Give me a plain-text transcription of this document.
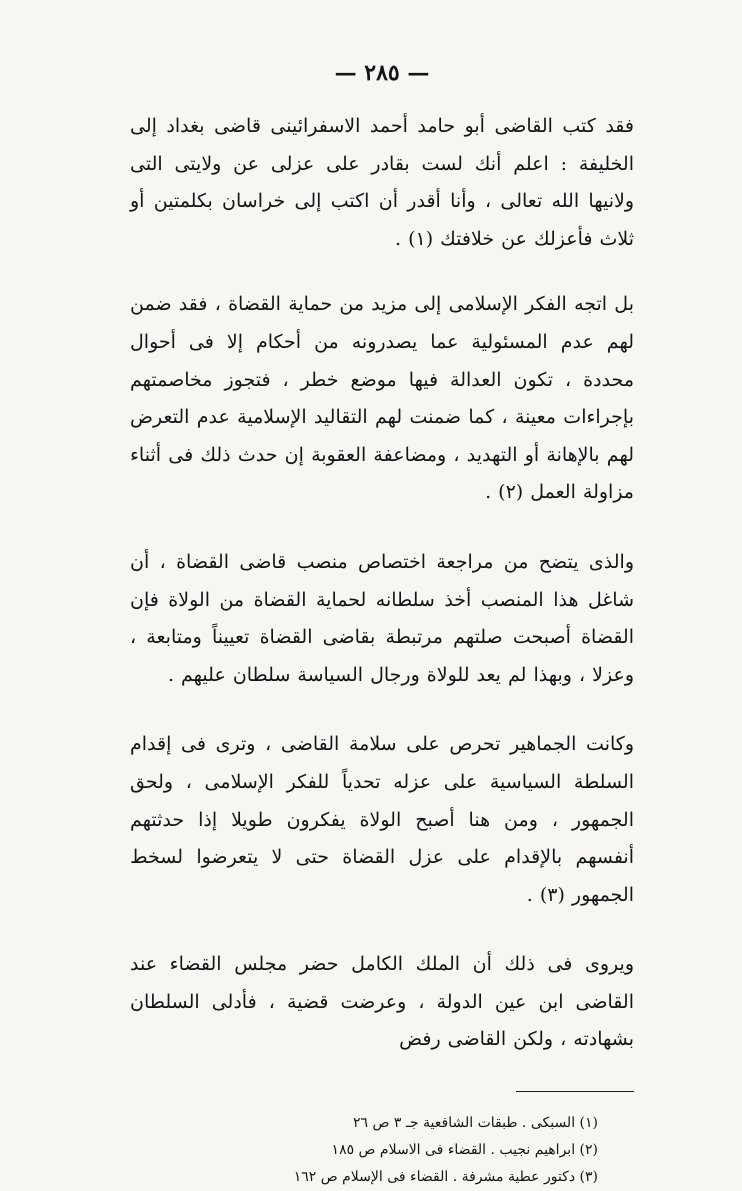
— ٢٨٥ —

فقد كتب القاضى أبو حامد أحمد الاسفرائينى قاضى بغداد إلى الخليفة : اعلم أنك لست بقادر على عزلى عن ولايتى التى ولانيها الله تعالى ، وأنا أقدر أن اكتب إلى خراسان بكلمتين أو ثلاث فأعزلك عن خلافتك (١) .

بل اتجه الفكر الإسلامى إلى مزيد من حماية القضاة ، فقد ضمن لهم عدم المسئولية عما يصدرونه من أحكام إلا فى أحوال محددة ، تكون العدالة فيها موضع خطر ، فتجوز مخاصمتهم بإجراءات معينة ، كما ضمنت لهم التقاليد الإسلامية عدم التعرض لهم بالإهانة أو التهديد ، ومضاعفة العقوبة إن حدث ذلك فى أثناء مزاولة العمل (٢) .

والذى يتضح من مراجعة اختصاص منصب قاضى القضاة ، أن شاغل هذا المنصب أخذ سلطانه لحماية القضاة من الولاة فإن القضاة أصبحت صلتهم مرتبطة بقاضى القضاة تعييناً ومتابعة ، وعزلا ، وبهذا لم يعد للولاة ورجال السياسة سلطان عليهم .

وكانت الجماهير تحرص على سلامة القاضى ، وترى فى إقدام السلطة السياسية على عزله تحدياً للفكر الإسلامى ، ولحق الجمهور ، ومن هنا أصبح الولاة يفكرون طويلا إذا حدثتهم أنفسهم بالإقدام على عزل القضاة حتى لا يتعرضوا لسخط الجمهور (٣) .

ويروى فى ذلك أن الملك الكامل حضر مجلس القضاء عند القاضى ابن عين الدولة ، وعرضت قضية ، فأدلى السلطان بشهادته ، ولكن القاضى رفض

(١) السبكى . طبقات الشافعية جـ ٣ ص ٢٦
(٢) ابراهيم نجيب . القضاء فى الاسلام ص ١٨٥
(٣) دكتور عطية مشرفة . القضاء فى الإسلام ص ١٦٢
